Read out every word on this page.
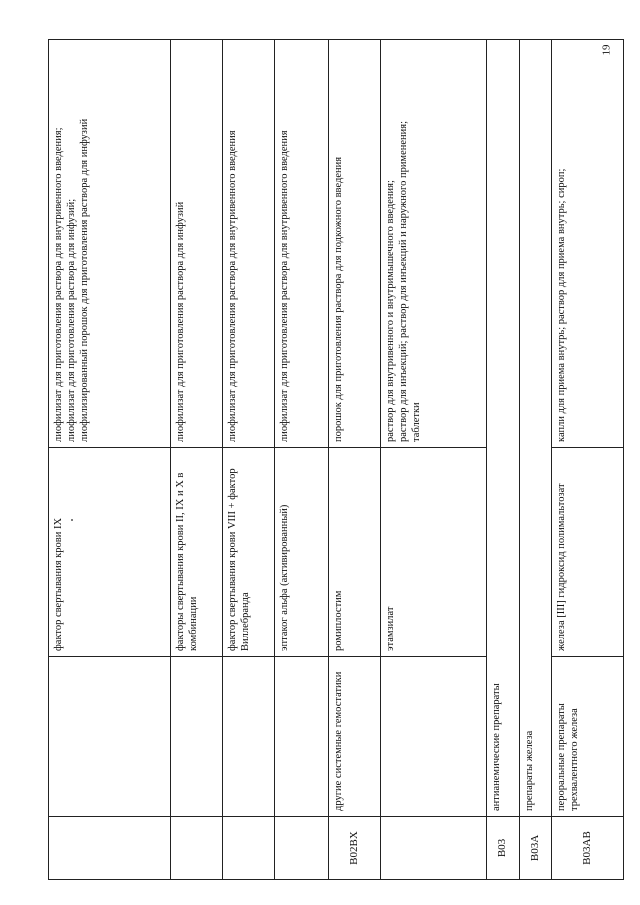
19
		фактор свертывания крови IX	лиофилизат для приготовления раствора для внутривенного введения;
лиофилизат для приготовления раствора для инфузий;
лиофилизированный порошок для приготовления раствора для инфузий
		факторы свертывания крови II, IX и X в комбинации	лиофилизат для приготовления раствора для инфузий
		фактор свертывания крови VIII + фактор Виллебранда	лиофилизат для приготовления раствора для внутривенного введения
		эптаког альфа (активированный)	лиофилизат для приготовления раствора для внутривенного введения
B02BX	другие системные гемостатики	ромиплостим	порошок для приготовления раствора для подкожного введения
		этамзилат	раствор для внутривенного и внутримышечного введения;
раствор для инъекций; раствор для инъекций и наружного применения;
таблетки
B03	антианемические препараты		
B03A	препараты железа		
B03AB	пероральные препараты трехвалентного железа	железа [III] гидроксид полимальтозат	капли для приема внутрь; раствор для приема внутрь; сироп;
